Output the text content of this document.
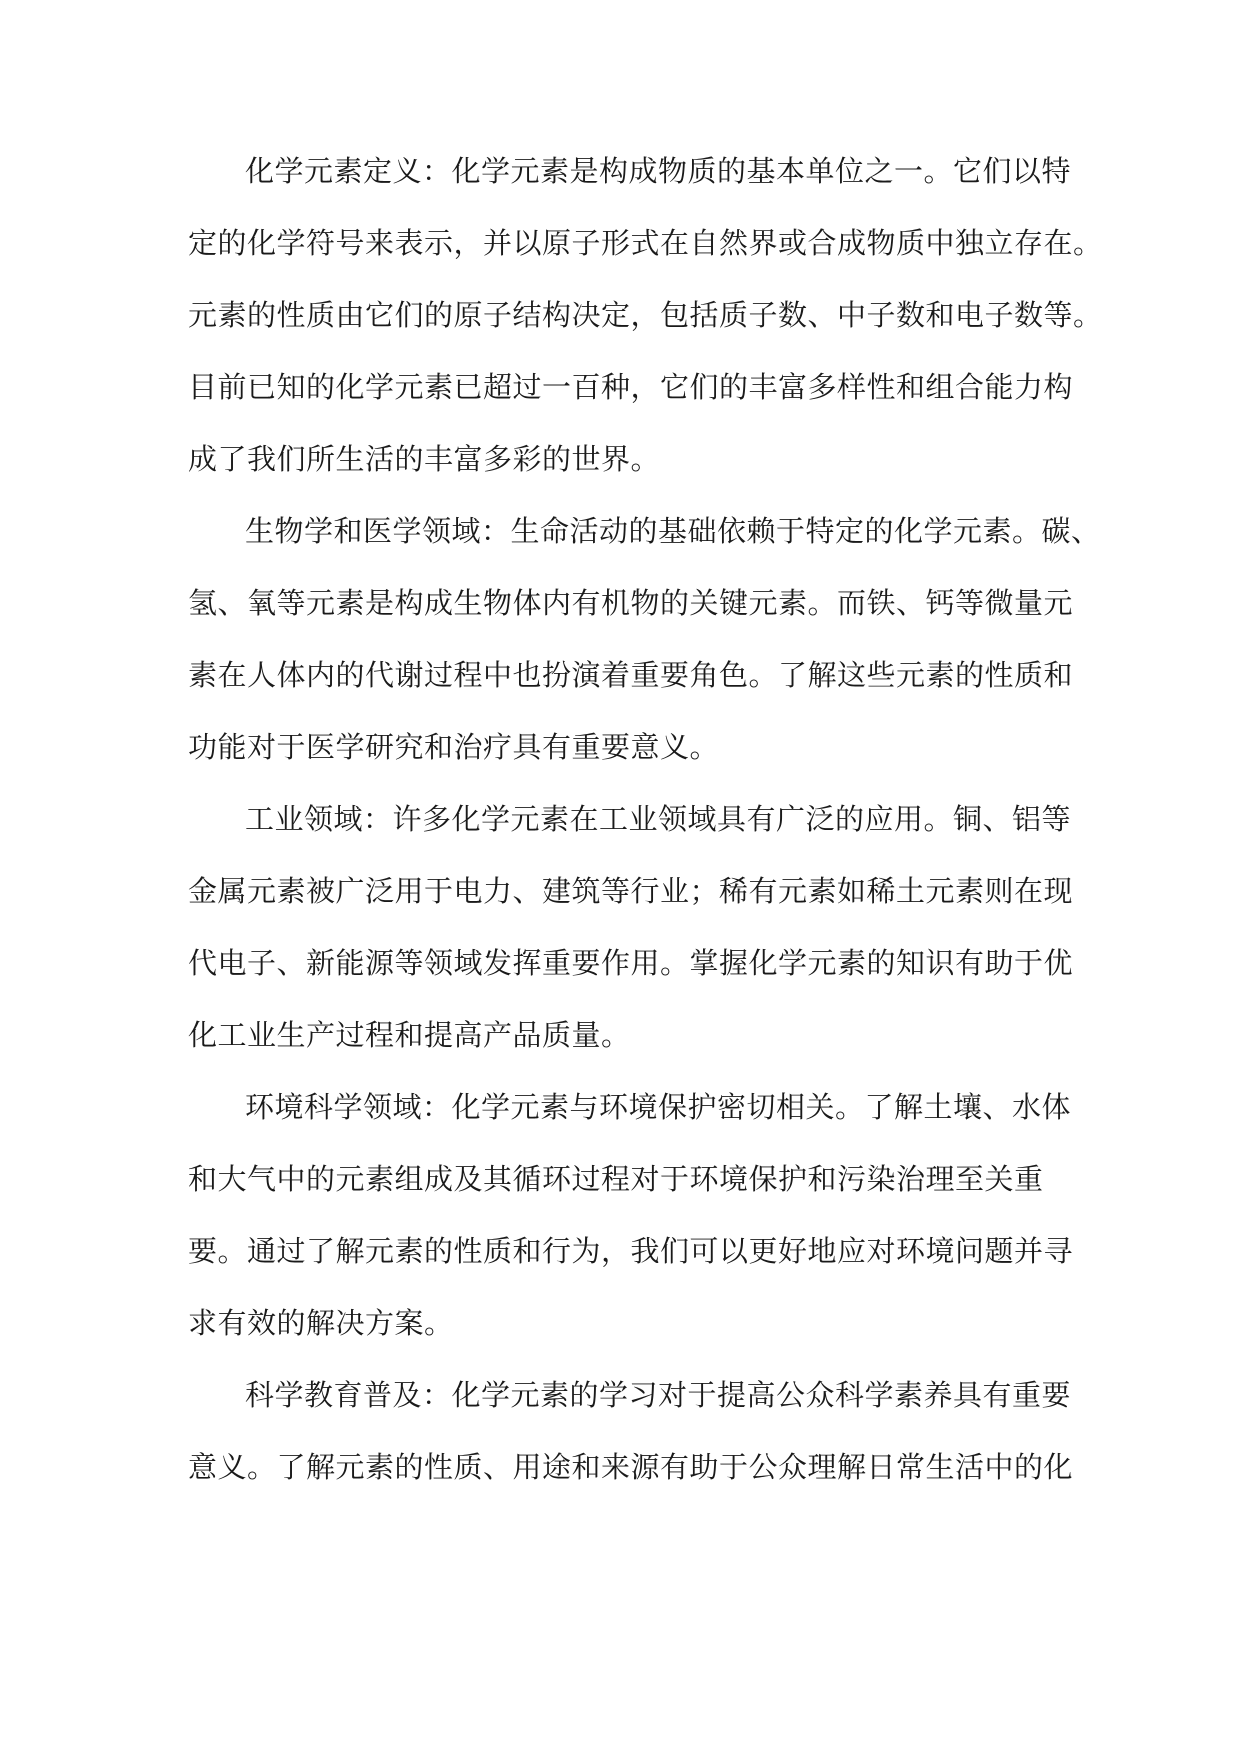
化学元素定义：化学元素是构成物质的基本单位之一。它们以特
定的化学符号来表示，并以原子形式在自然界或合成物质中独立存在。
元素的性质由它们的原子结构决定，包括质子数、中子数和电子数等。
目前已知的化学元素已超过一百种，它们的丰富多样性和组合能力构
成了我们所生活的丰富多彩的世界。
生物学和医学领域：生命活动的基础依赖于特定的化学元素。碳、
氢、氧等元素是构成生物体内有机物的关键元素。而铁、钙等微量元
素在人体内的代谢过程中也扮演着重要角色。了解这些元素的性质和
功能对于医学研究和治疗具有重要意义。
工业领域：许多化学元素在工业领域具有广泛的应用。铜、铝等
金属元素被广泛用于电力、建筑等行业；稀有元素如稀土元素则在现
代电子、新能源等领域发挥重要作用。掌握化学元素的知识有助于优
化工业生产过程和提高产品质量。
环境科学领域：化学元素与环境保护密切相关。了解土壤、水体
和大气中的元素组成及其循环过程对于环境保护和污染治理至关重
要。通过了解元素的性质和行为，我们可以更好地应对环境问题并寻
求有效的解决方案。
科学教育普及：化学元素的学习对于提高公众科学素养具有重要
意义。了解元素的性质、用途和来源有助于公众理解日常生活中的化
